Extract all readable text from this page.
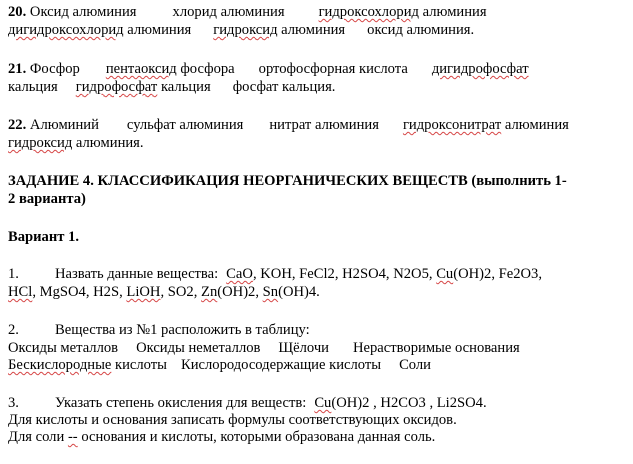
20. Оксид алюминия хлорид алюминия гидроксохлорид алюминия
дигидроксохлорид алюминия гидроксид алюминия оксид алюминия.
21. Фосфор пентаоксид фосфора ортофосфорная кислота дигидрофосфат
кальция гидрофосфат кальция фосфат кальция.
22. Алюминий сульфат алюминия нитрат алюминия гидроксонитрат алюминия
гидроксид алюминия.
ЗАДАНИЕ 4. КЛАССИФИКАЦИЯ НЕОРГАНИЧЕСКИХ ВЕЩЕСТВ (выполнить 1-
2 варианта)
Вариант 1.
1. Назвать данные вещества: CaO, KOH, FeCl2, H2SO4, N2O5, Cu(OH)2, Fe2O3,
HCl, MgSO4, H2S, LiOH, SO2, Zn(OH)2, Sn(OH)4.
2. Вещества из №1 расположить в таблицу:
Оксиды металлов Оксиды неметаллов Щёлочи Нерастворимые основания
Бескислородные кислоты Кислородосодержащие кислоты Соли
3. Указать степень окисления для веществ: Cu(OH)2 , H2CO3 , Li2SO4.
Для кислоты и основания записать формулы соответствующих оксидов.
Для соли -- основания и кислоты, которыми образована данная соль.
